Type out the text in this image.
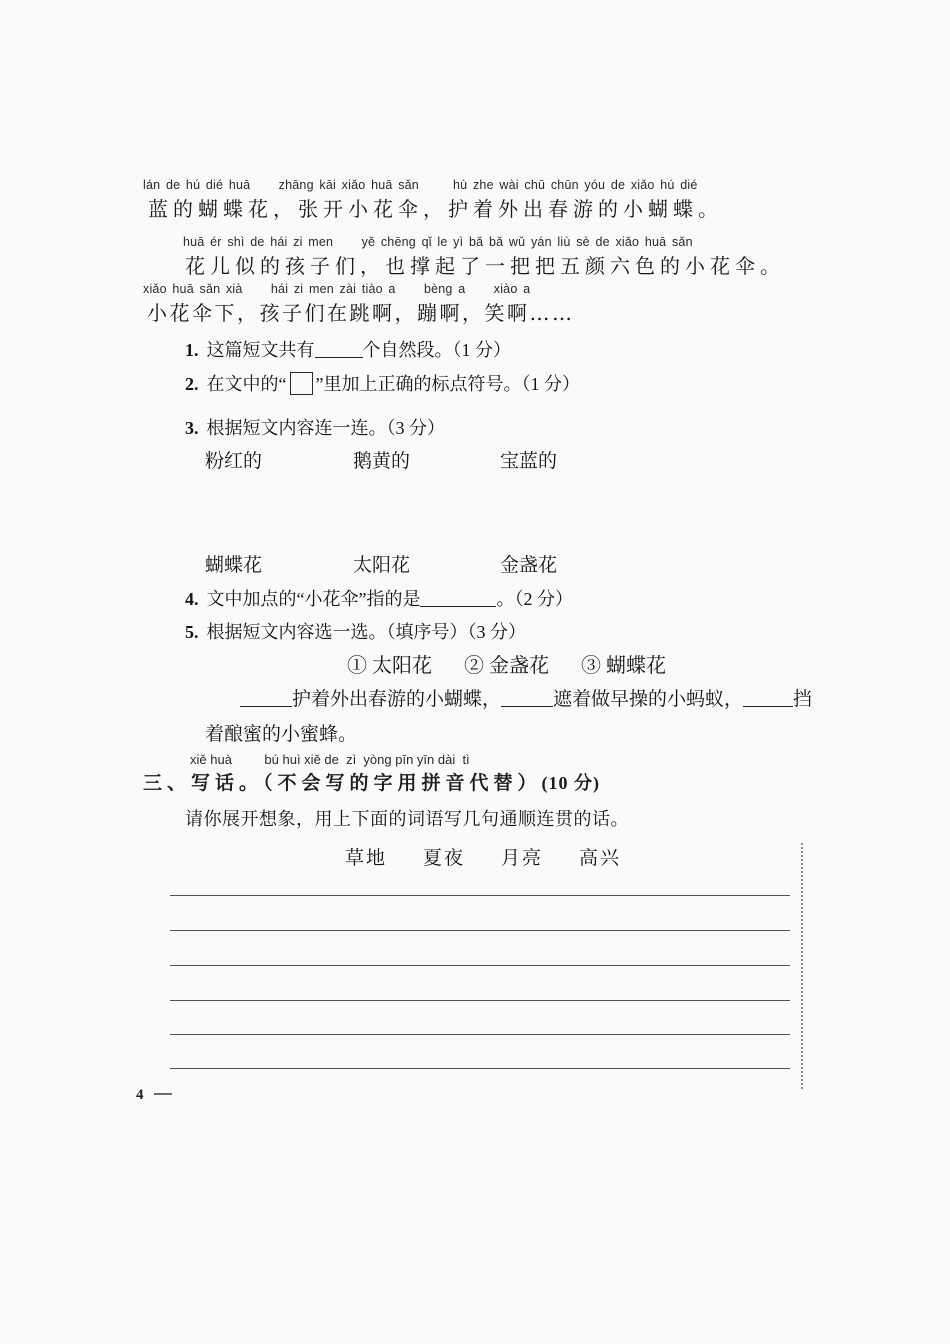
lán de hú dié huā     zhāng kāi xiǎo huā sǎn      hù zhe wài chū chūn yóu de xiǎo hú dié
蓝的蝴蝶花，张开小花伞，护着外出春游的小蝴蝶。
huā ér shì de hái zi men     yě chēng qǐ le yì bǎ bǎ wǔ yán liù sè de xiǎo huā sǎn
花儿似的孩子们，也撑起了一把把五颜六色的小花伞。
xiǎo huā sǎn xià     hái zi men zài tiào a     bèng a     xiào a
小花伞下，孩子们在跳啊，蹦啊，笑啊……
1. 这篇短文共有	个自然段。（1 分）
2. 在文中的“ ”里加上正确的标点符号。（1 分）
3. 根据短文内容连一连。（3 分）
粉红的	鹅黄的	宝蓝的
蝴蝶花	太阳花	金盏花
4. 文中加点的“小花伞”指的是	。（2 分）
5. 根据短文内容选一选。（填序号）（3 分）
① 太阳花 ② 金盏花 ③ 蝴蝶花
护着外出春游的小蝴蝶，	遮着做早操的小蚂蚁，	挡
着酿蜜的小蜜蜂。
xiě huà         bú huì xiě de  zì  yòng pīn yīn dài  tì
三、写话。（不会写的字用拼音代替）(10 分)
请你展开想象，用上下面的词语写几句通顺连贯的话。
草地 夏夜 月亮 高兴
4
